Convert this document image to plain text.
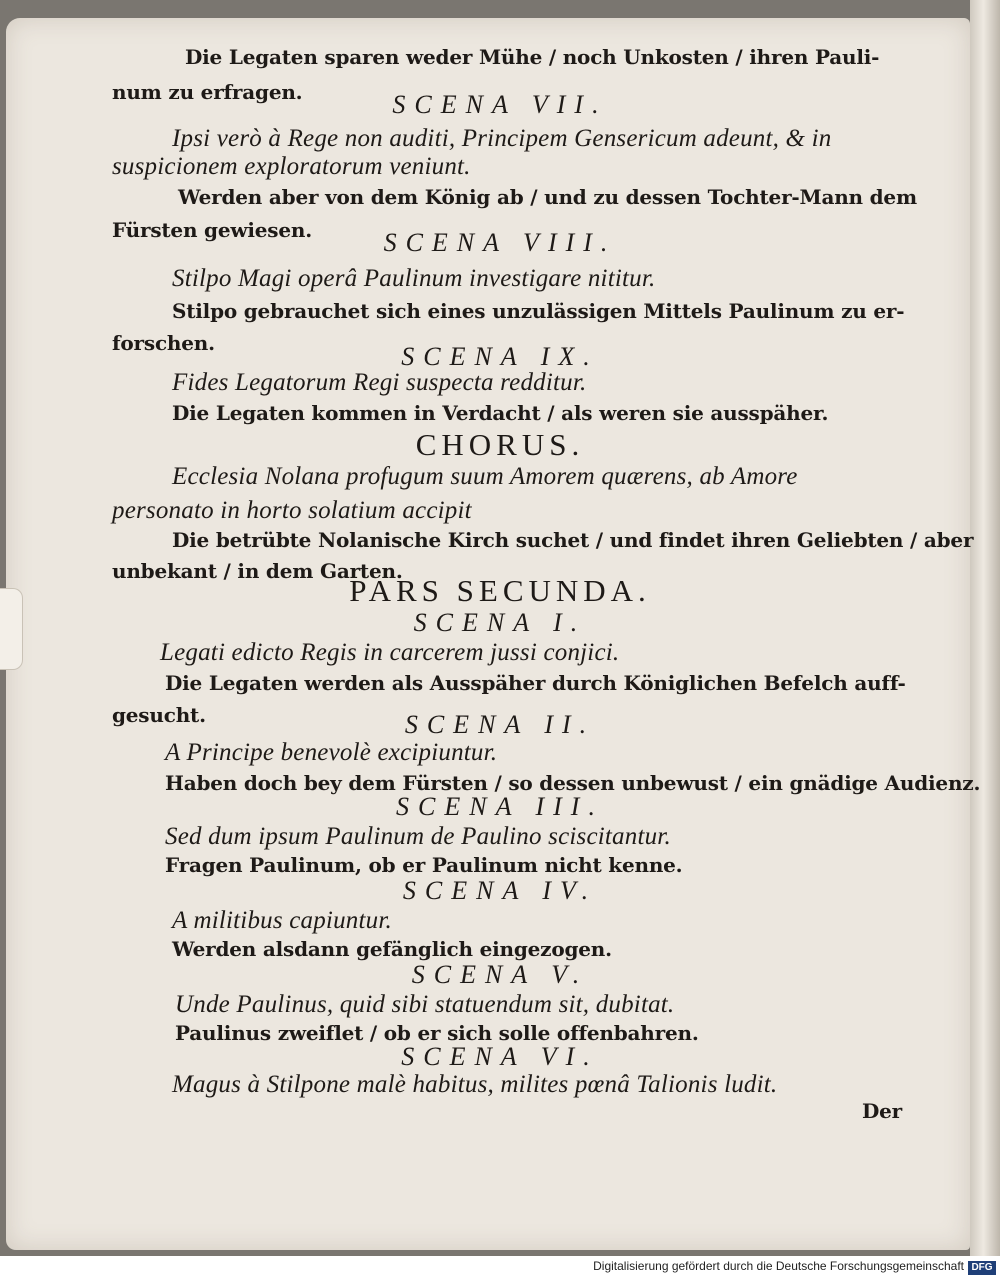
Die Legaten sparen weder Mühe / noch Unkosten / ihren Pauli-
num zu erfragen.	SCENA VII.
Ipsi verò à Rege non auditi, Principem Gensericum adeunt, & in
suspicionem exploratorum veniunt.
Werden aber von dem König ab / und zu dessen Tochter-Mann dem
Fürsten gewiesen.	SCENA VIII.
Stilpo Magi operâ Paulinum investigare nititur.
Stilpo gebrauchet sich eines unzulässigen Mittels Paulinum zu er-
forschen.	SCENA IX.
Fides Legatorum Regi suspecta redditur.
Die Legaten kommen in Verdacht / als weren sie ausspäher.
CHORUS.
Ecclesia Nolana profugum suum Amorem quærens, ab Amore
personato in horto solatium accipit
Die betrübte Nolanische Kirch suchet / und findet ihren Geliebten / aber
unbekant / in dem Garten.
PARS SECUNDA.
SCENA I.
Legati edicto Regis in carcerem jussi conjici.
Die Legaten werden als Ausspäher durch Königlichen Befelch auff-
gesucht.	SCENA II.
A Principe benevolè excipiuntur.
Haben doch bey dem Fürsten / so dessen unbewust / ein gnädige Audienz.
SCENA III.
Sed dum ipsum Paulinum de Paulino sciscitantur.
Fragen Paulinum, ob er Paulinum nicht kenne.
SCENA IV.
A militibus capiuntur.
Werden alsdann gefänglich eingezogen.
SCENA V.
Unde Paulinus, quid sibi statuendum sit, dubitat.
Paulinus zweiflet / ob er sich solle offenbahren.
SCENA VI.
Magus à Stilpone malè habitus, milites pœnâ Talionis ludit.
Der
Digitalisierung gefördert durch die Deutsche Forschungsgemeinschaft DFG
